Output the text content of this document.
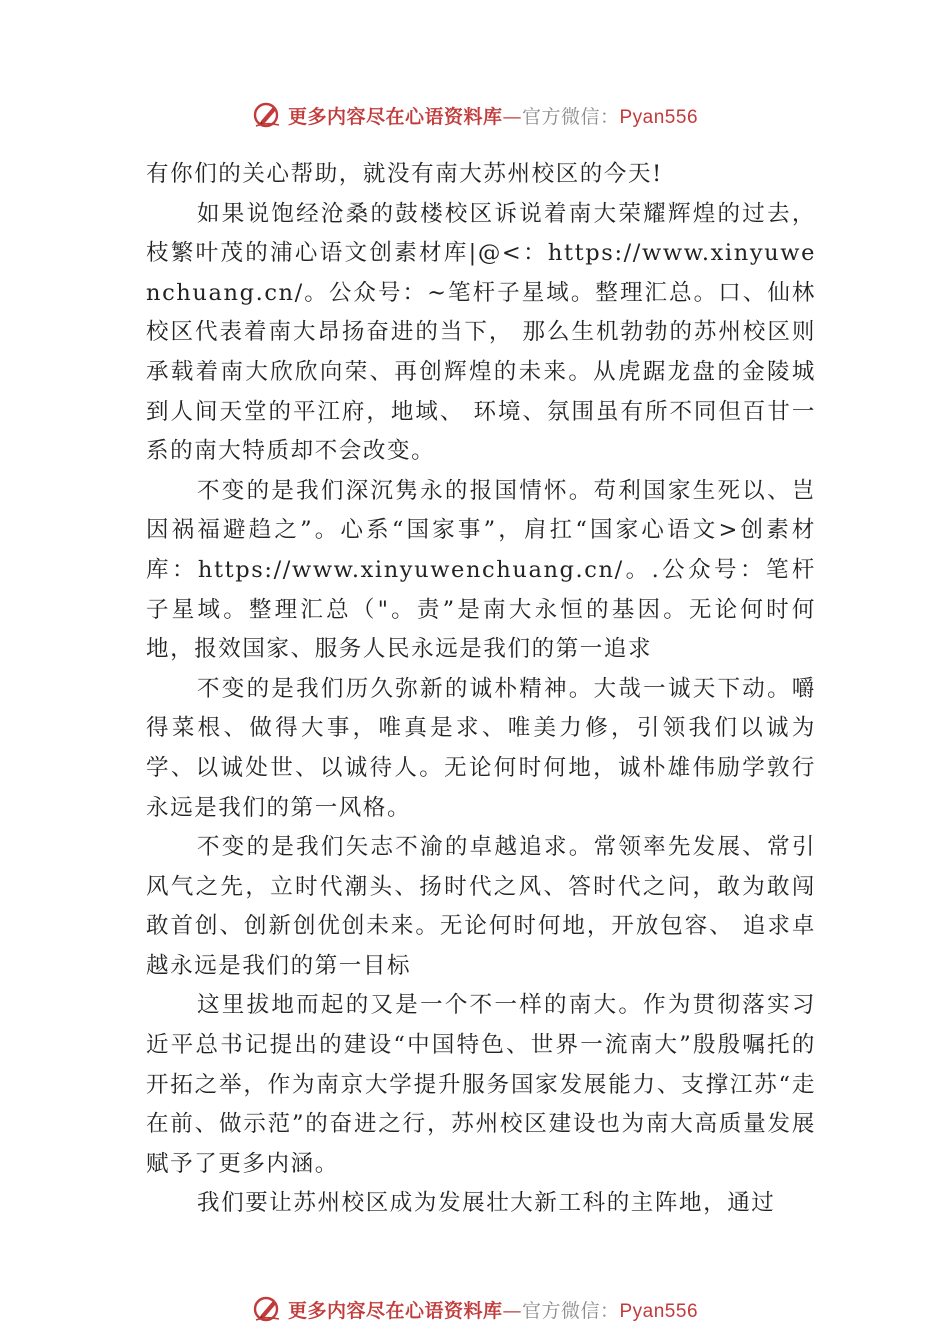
更多内容尽在心语资料库—官方微信：Pyan556

有你们的关心帮助，就没有南大苏州校区的今天!

如果说饱经沧桑的鼓楼校区诉说着南大荣耀辉煌的过去，枝繁叶茂的浦心语文创素材库|@<：https://www.xinyuwenchuang.cn/。公众号：~笔杆子星域。整理汇总。口、仙林校区代表着南大昂扬奋进的当下， 那么生机勃勃的苏州校区则承载着南大欣欣向荣、再创辉煌的未来。从虎踞龙盘的金陵城到人间天堂的平江府，地域、 环境、氛围虽有所不同但百甘一系的南大特质却不会改变。

不变的是我们深沉隽永的报国情怀。苟利国家生死以、岂因祸福避趋之”。心系“国家事”，肩扛“国家心语文>创素材库：https://www.xinyuwenchuang.cn/。.公众号：笔杆子星域。整理汇总（"。责”是南大永恒的基因。无论何时何地，报效国家、服务人民永远是我们的第一追求

不变的是我们历久弥新的诚朴精神。大哉一诚天下动。嚼得菜根、做得大事，唯真是求、唯美力修，引领我们以诚为学、以诚处世、以诚待人。无论何时何地，诚朴雄伟励学敦行永远是我们的第一风格。

不变的是我们矢志不渝的卓越追求。常领率先发展、常引风气之先，立时代潮头、扬时代之风、答时代之问，敢为敢闯敢首创、创新创优创未来。无论何时何地，开放包容、 追求卓越永远是我们的第一目标

这里拔地而起的又是一个不一样的南大。作为贯彻落实习近平总书记提出的建设“中国特色、世界一流南大”殷殷嘱托的开拓之举，作为南京大学提升服务国家发展能力、支撑江苏“走在前、做示范”的奋进之行，苏州校区建设也为南大高质量发展赋予了更多内涵。

我们要让苏州校区成为发展壮大新工科的主阵地，通过

更多内容尽在心语资料库—官方微信：Pyan556
